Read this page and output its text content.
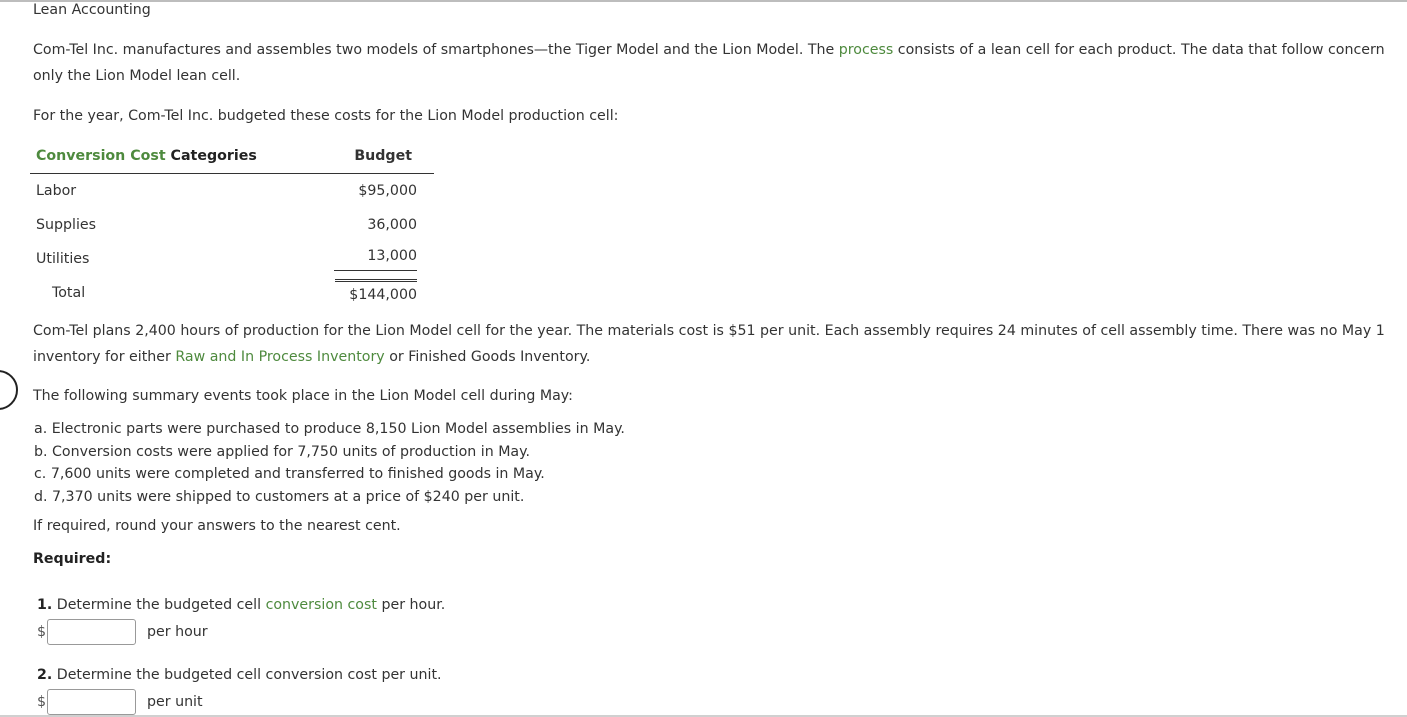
Lean Accounting
Com-Tel Inc. manufactures and assembles two models of smartphones—the Tiger Model and the Lion Model. The process consists of a lean cell for each product. The data that follow concern only the Lion Model lean cell.
For the year, Com-Tel Inc. budgeted these costs for the Lion Model production cell:
Conversion Cost Categories	Budget
Labor	$95,000
Supplies	36,000
Utilities	13,000
Total	$144,000
Com-Tel plans 2,400 hours of production for the Lion Model cell for the year. The materials cost is $51 per unit. Each assembly requires 24 minutes of cell assembly time. There was no May 1 inventory for either Raw and In Process Inventory or Finished Goods Inventory.
The following summary events took place in the Lion Model cell during May:
a. Electronic parts were purchased to produce 8,150 Lion Model assemblies in May.
b. Conversion costs were applied for 7,750 units of production in May.
c. 7,600 units were completed and transferred to finished goods in May.
d. 7,370 units were shipped to customers at a price of $240 per unit.
If required, round your answers to the nearest cent.
Required:
1. Determine the budgeted cell conversion cost per hour.
$	per hour
2. Determine the budgeted cell conversion cost per unit.
$	per unit
